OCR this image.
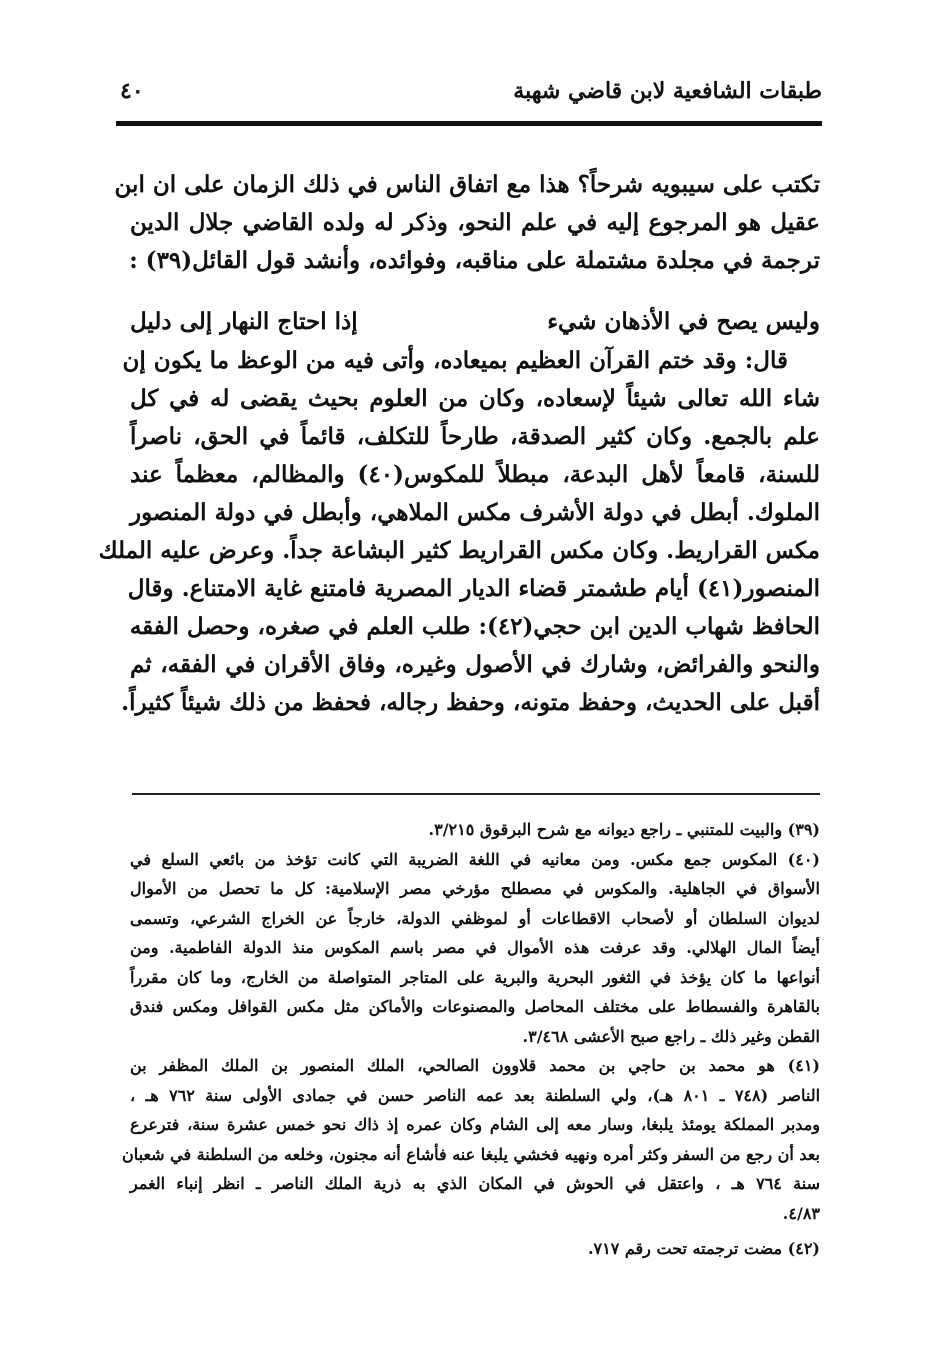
طبقات الشافعية لابن قاضي شهبة
٤٠
تكتب على سيبويه شرحاً؟ هذا مع اتفاق الناس في ذلك الزمان على ان ابن
عقيل هو المرجوع إليه في علم النحو، وذكر له ولده القاضي جلال الدين
ترجمة في مجلدة مشتملة على مناقبه، وفوائده، وأنشد قول القائل(٣٩) :
وليس يصح في الأذهان شيء
إذا احتاج النهار إلى دليل
قال: وقد ختم القرآن العظيم بميعاده، وأتى فيه من الوعظ ما يكون إن
شاء الله تعالى شيئاً لإسعاده، وكان من العلوم بحيث يقضى له في كل
علم بالجمع. وكان كثير الصدقة، طارحاً للتكلف، قائماً في الحق، ناصراً
للسنة، قامعاً لأهل البدعة، مبطلاً للمكوس(٤٠) والمظالم، معظماً عند
الملوك. أبطل في دولة الأشرف مكس الملاهي، وأبطل في دولة المنصور
مكس القراريط. وكان مكس القراريط كثير البشاعة جداً. وعرض عليه الملك
المنصور(٤١) أيام طشمتر قضاء الديار المصرية فامتنع غاية الامتناع. وقال
الحافظ شهاب الدين ابن حجي(٤٢): طلب العلم في صغره، وحصل الفقه
والنحو والفرائض، وشارك في الأصول وغيره، وفاق الأقران في الفقه، ثم
أقبل على الحديث، وحفظ متونه، وحفظ رجاله، فحفظ من ذلك شيئاً كثيراً.
(٣٩) والبيت للمتنبي ـ راجع ديوانه مع شرح البرقوق ٣/٢١٥.
(٤٠) المكوس جمع مكس. ومن معانيه في اللغة الضريبة التي كانت تؤخذ من بائعي السلع في
الأسواق في الجاهلية. والمكوس في مصطلح مؤرخي مصر الإسلامية: كل ما تحصل من الأموال
لديوان السلطان أو لأصحاب الاقطاعات أو لموظفي الدولة، خارجاً عن الخراج الشرعي، وتسمى
أيضاً المال الهلالي. وقد عرفت هذه الأموال في مصر باسم المكوس منذ الدولة الفاطمية. ومن
أنواعها ما كان يؤخذ في الثغور البحرية والبرية على المتاجر المتواصلة من الخارج، وما كان مقرراً
بالقاهرة والفسطاط على مختلف المحاصل والمصنوعات والأماكن مثل مكس القوافل ومكس فندق
القطن وغير ذلك ـ راجع صبح الأعشى ٣/٤٦٨.
(٤١) هو محمد بن حاجي بن محمد قلاوون الصالحي، الملك المنصور بن الملك المظفر بن
الناصر (٧٤٨ ـ ٨٠١ هـ)، ولي السلطنة بعد عمه الناصر حسن في جمادى الأولى سنة ٧٦٢ هـ ،
ومدبر المملكة يومئذ يلبغا، وسار معه إلى الشام وكان عمره إذ ذاك نحو خمس عشرة سنة، فترعرع
بعد أن رجع من السفر وكثر أمره ونهيه فخشي يلبغا عنه فأشاع أنه مجنون، وخلعه من السلطنة في شعبان
سنة ٧٦٤ هـ ، واعتقل في الحوش في المكان الذي به ذرية الملك الناصر ـ انظر إنباء الغمر
٤/٨٣.
(٤٢) مضت ترجمته تحت رقم ٧١٧.
